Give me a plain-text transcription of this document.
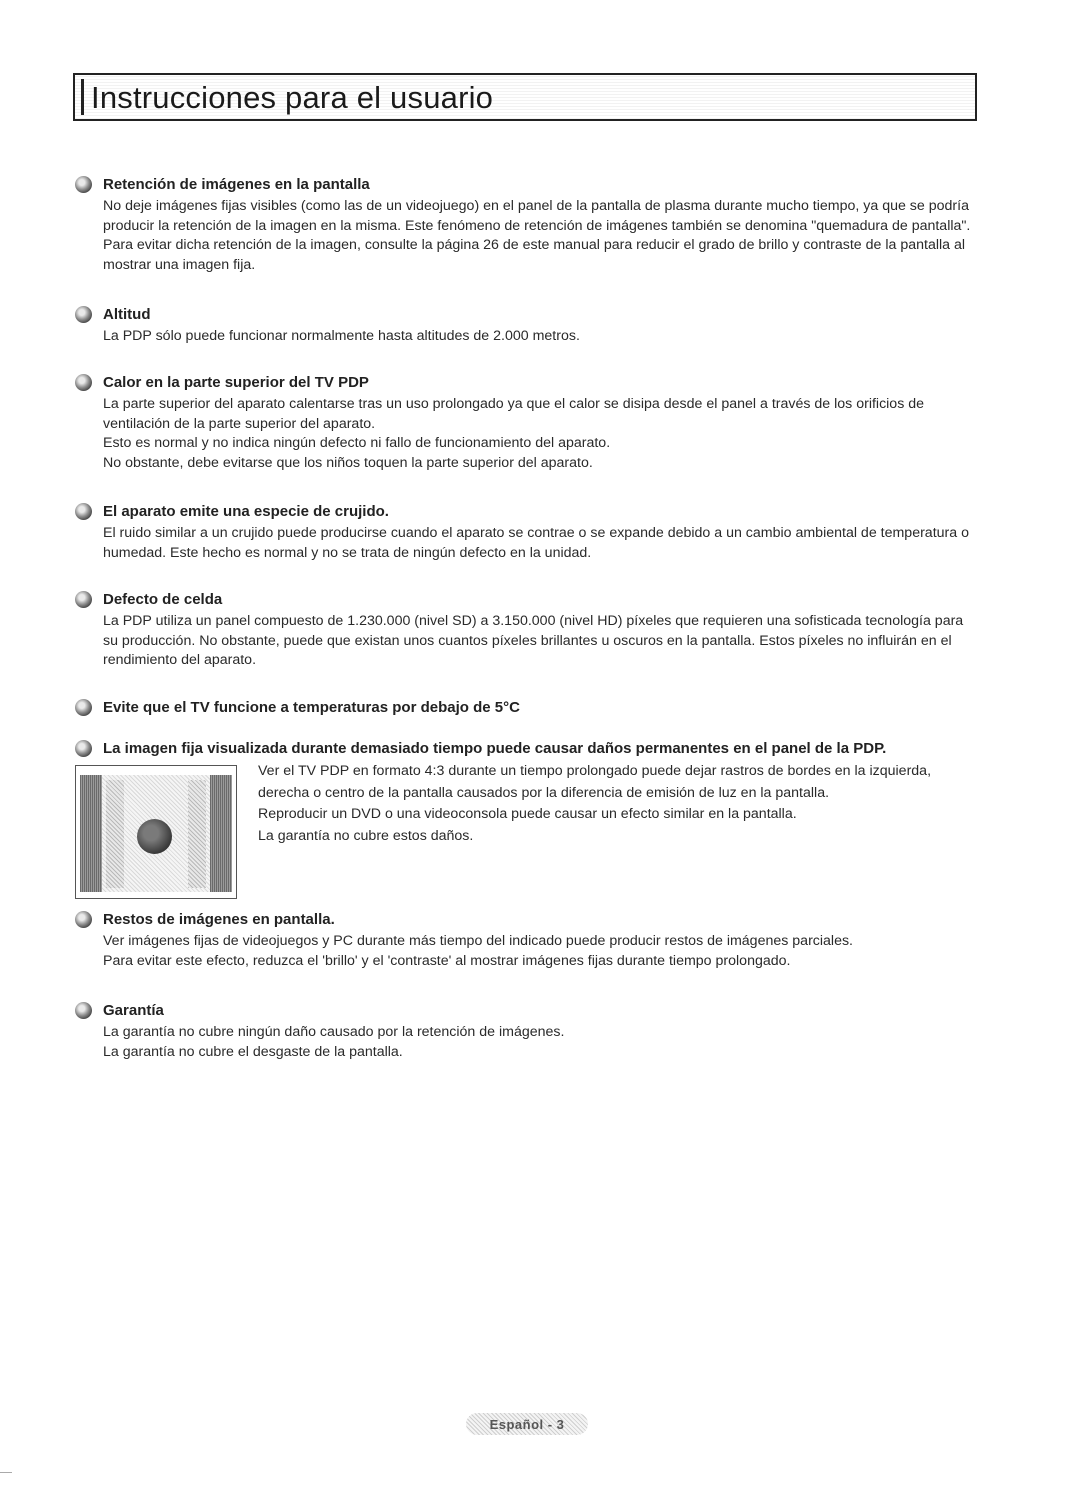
Instrucciones para el usuario
Retención de imágenes en la pantalla

No deje imágenes fijas visibles (como las de un videojuego) en el panel de la pantalla de plasma durante mucho tiempo, ya que se podría producir la retención de la imagen en la misma. Este fenómeno de retención de imágenes también se denomina "quemadura de pantalla". Para evitar dicha retención de la imagen, consulte la página 26 de este manual para reducir el grado de brillo y contraste de la pantalla al mostrar una imagen fija.

Altitud

La PDP sólo puede funcionar normalmente hasta altitudes de 2.000 metros.

Calor en la parte superior del TV PDP

La parte superior del aparato calentarse tras un uso prolongado ya que el calor se disipa desde el panel a través de los orificios de ventilación de la parte superior del aparato.

Esto es normal y no indica ningún defecto ni fallo de funcionamiento del aparato.

No obstante, debe evitarse que los niños toquen la parte superior del aparato.

El aparato emite una especie de crujido.

El ruido similar a un crujido puede producirse cuando el aparato se contrae o se expande debido a un cambio ambiental de temperatura o humedad. Este hecho es normal y no se trata de ningún defecto en la unidad.

Defecto de celda

La PDP utiliza un panel compuesto de 1.230.000 (nivel SD) a 3.150.000 (nivel HD) píxeles que requieren una sofisticada tecnología para su producción. No obstante, puede que existan unos cuantos píxeles brillantes u oscuros en la pantalla. Estos píxeles no influirán en el rendimiento del aparato.

Evite que el TV funcione a temperaturas por debajo de 5°C
La imagen fija visualizada durante demasiado tiempo puede causar daños permanentes en el panel de la PDP.

Ver el TV PDP en formato 4:3 durante un tiempo prolongado puede dejar rastros de bordes en la izquierda, derecha o centro de la pantalla causados por la diferencia de emisión de luz en la pantalla.

Reproducir un DVD o una videoconsola puede causar un efecto similar en la pantalla.

La garantía no cubre estos daños.

Restos de imágenes en pantalla.

Ver imágenes fijas de videojuegos y PC durante más tiempo del indicado puede producir restos de imágenes parciales.

Para evitar este efecto, reduzca el 'brillo' y el 'contraste' al mostrar imágenes fijas durante tiempo prolongado.

Garantía

La garantía no cubre ningún daño causado por la retención de imágenes.

La garantía no cubre el desgaste de la pantalla.

Español - 3
